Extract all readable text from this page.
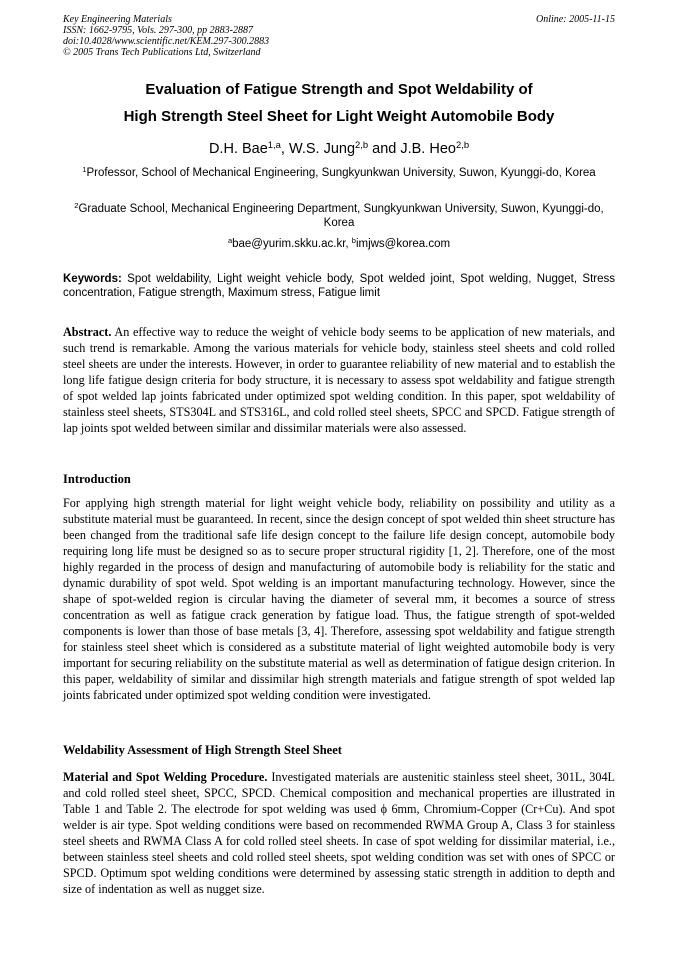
Key Engineering Materials
ISSN: 1662-9795, Vols. 297-300, pp 2883-2887
doi:10.4028/www.scientific.net/KEM.297-300.2883
© 2005 Trans Tech Publications Ltd, Switzerland
Online: 2005-11-15
Evaluation of Fatigue Strength and Spot Weldability of
High Strength Steel Sheet for Light Weight Automobile Body
D.H. Bae$^{1,a}$, W.S. Jung$^{2,b}$ and J.B. Heo$^{2,b}$
$^1$Professor, School of Mechanical Engineering, Sungkyunkwan University, Suwon, Kyunggi-do, Korea
$^2$Graduate School, Mechanical Engineering Department, Sungkyunkwan University, Suwon, Kyunggi-do, Korea
$^a$bae@yurim.skku.ac.kr, $^b$imjws@korea.com
Keywords: Spot weldability, Light weight vehicle body, Spot welded joint, Spot welding, Nugget, Stress concentration, Fatigue strength, Maximum stress, Fatigue limit
Abstract. An effective way to reduce the weight of vehicle body seems to be application of new materials, and such trend is remarkable. Among the various materials for vehicle body, stainless steel sheets and cold rolled steel sheets are under the interests. However, in order to guarantee reliability of new material and to establish the long life fatigue design criteria for body structure, it is necessary to assess spot weldability and fatigue strength of spot welded lap joints fabricated under optimized spot welding condition. In this paper, spot weldability of stainless steel sheets, STS304L and STS316L, and cold rolled steel sheets, SPCC and SPCD. Fatigue strength of lap joints spot welded between similar and dissimilar materials were also assessed.
Introduction
For applying high strength material for light weight vehicle body, reliability on possibility and utility as a substitute material must be guaranteed. In recent, since the design concept of spot welded thin sheet structure has been changed from the traditional safe life design concept to the failure life design concept, automobile body requiring long life must be designed so as to secure proper structural rigidity [1, 2]. Therefore, one of the most highly regarded in the process of design and manufacturing of automobile body is reliability for the static and dynamic durability of spot weld. Spot welding is an important manufacturing technology. However, since the shape of spot-welded region is circular having the diameter of several mm, it becomes a source of stress concentration as well as fatigue crack generation by fatigue load. Thus, the fatigue strength of spot-welded components is lower than those of base metals [3, 4]. Therefore, assessing spot weldability and fatigue strength for stainless steel sheet which is considered as a substitute material of light weighted automobile body is very important for securing reliability on the substitute material as well as determination of fatigue design criterion. In this paper, weldability of similar and dissimilar high strength materials and fatigue strength of spot welded lap joints fabricated under optimized spot welding condition were investigated.
Weldability Assessment of High Strength Steel Sheet
Material and Spot Welding Procedure. Investigated materials are austenitic stainless steel sheet, 301L, 304L and cold rolled steel sheet, SPCC, SPCD. Chemical composition and mechanical properties are illustrated in Table 1 and Table 2. The electrode for spot welding was used ϕ 6mm, Chromium-Copper (Cr+Cu). And spot welder is air type. Spot welding conditions were based on recommended RWMA Group A, Class 3 for stainless steel sheets and RWMA Class A for cold rolled steel sheets. In case of spot welding for dissimilar material, i.e., between stainless steel sheets and cold rolled steel sheets, spot welding condition was set with ones of SPCC or SPCD. Optimum spot welding conditions were determined by assessing static strength in addition to depth and size of indentation as well as nugget size.
